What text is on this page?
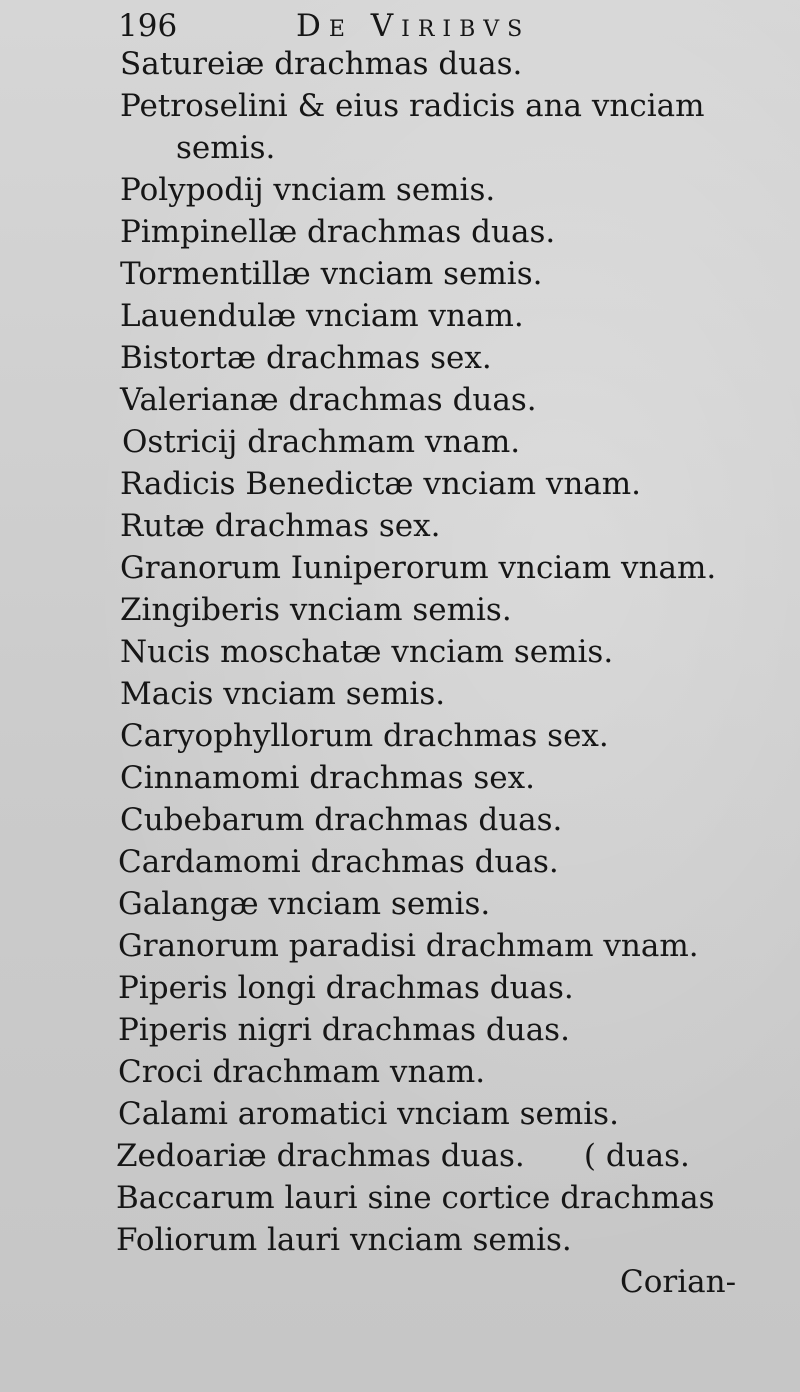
196	De Viribvs
Satureiæ drachmas duas.
Petroselini & eius radicis ana vnciam
semis.
Polypodij vnciam semis.
Pimpinellæ drachmas duas.
Tormentillæ vnciam semis.
Lauendulæ vnciam vnam.
Bistortæ drachmas sex.
Valerianæ drachmas duas.
Ostricij drachmam vnam.
Radicis Benedictæ vnciam vnam.
Rutæ drachmas sex.
Granorum Iuniperorum vnciam vnam.
Zingiberis vnciam semis.
Nucis moschatæ vnciam semis.
Macis vnciam semis.
Caryophyllorum drachmas sex.
Cinnamomi drachmas sex.
Cubebarum drachmas duas.
Cardamomi drachmas duas.
Galangæ vnciam semis.
Granorum paradisi drachmam vnam.
Piperis longi drachmas duas.
Piperis nigri drachmas duas.
Croci drachmam vnam.
Calami aromatici vnciam semis.
Zedoariæ drachmas duas.      ( duas.
Baccarum lauri sine cortice drachmas
Foliorum lauri vnciam semis.
Corian-
